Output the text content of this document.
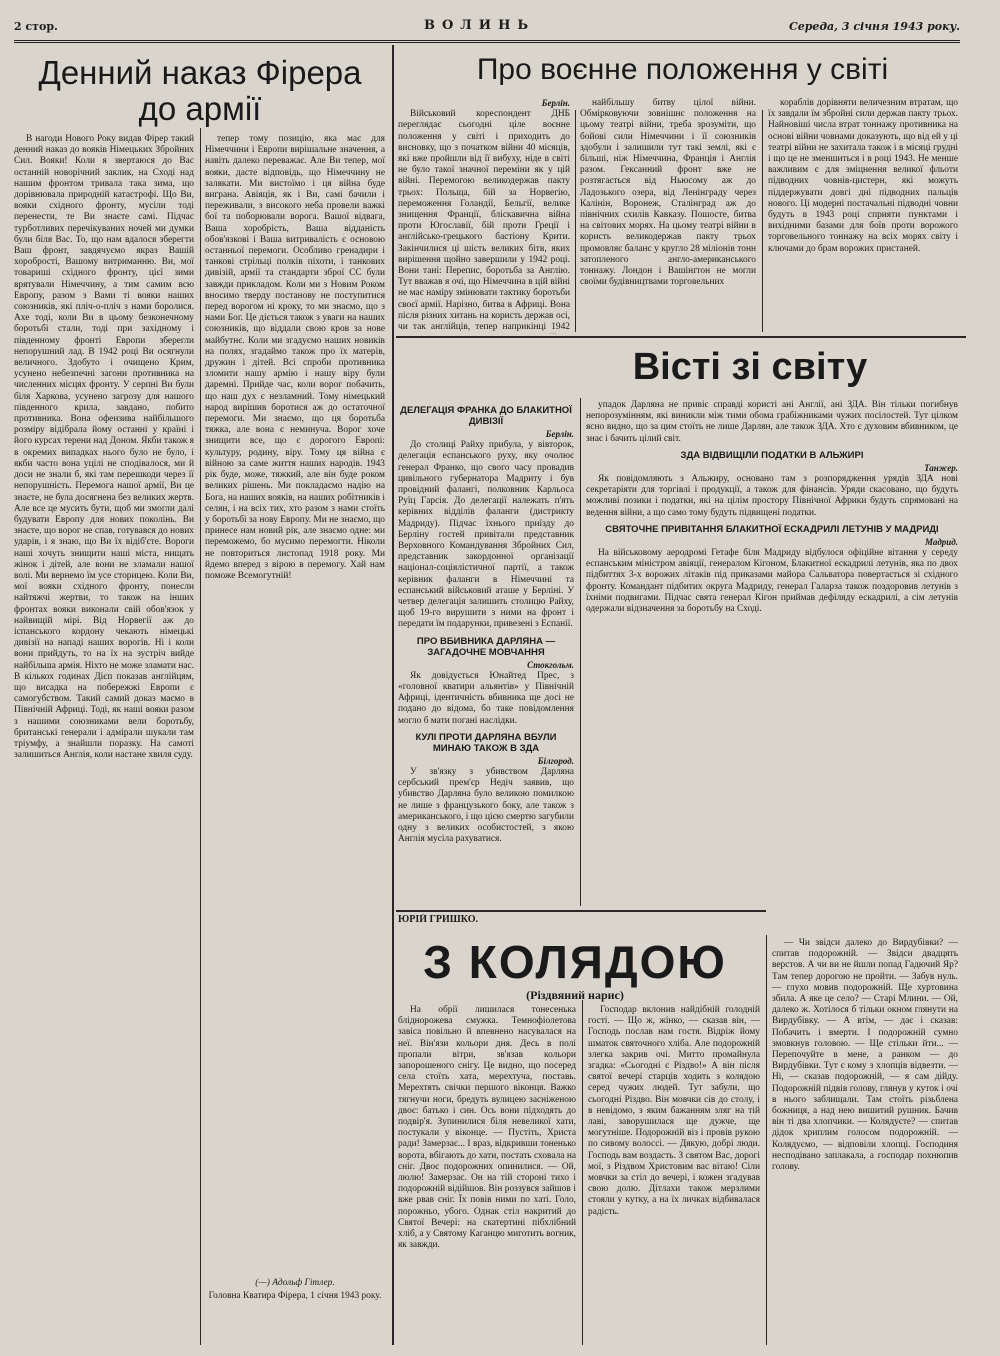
2 стор.	ВОЛИНЬ	Середа, 3 січня 1943 року.
Денний наказ Фірера до армії

В нагоди Нового Року видав Фірер такий денний наказ до вояків Німецьких Збройних Сил. Вояки! Коли я звертаюся до Вас останній новорічний заклик, на Сході над нашим фронтом тривала така зима, що дорівнювала природній катастрофі. Що Ви, вояки східного фронту, мусіли тоді перенести, те Ви знаєте самі. Підчас турботливих перечікуваних ночей ми думки були біля Вас. То, що нам вдалося зберегти Ваш фронт, завдячуємо якраз Вашій хоробрості, Вашому витриманню. Ви, мої товариші східного фронту, цієї зими врятували Німеччину, а тим самим всю Европу, разом з Вами ті вояки наших союзників, які пліч-о-пліч з нами боролися. Ахе тоді, коли Ви в цьому безконечному боротьбі стали, тоді при західному і південному фронті Европи зберегли непорушний лад. В 1942 році Ви осягнули величного. Здобуто і очищено Крим, усунено небезпечні загони противника на численних місцях фронту. У серпні Ви були біля Харкова, усунено загрозу для нашого південного крила, завдано, побито противника. Вона офензива найбільшого розміру відібрала йому останні у країні i його курсах терени над Доном. Якби також я в окремих випадках нього було не було, і якби часто вона уцілі не сподівалося, ми й доси не знали б, які там перешкоди через її непорушність. Перемога нашої армії, Ви це знаєте, не була досягнена без великих жертв. Але все це мусить бути, щоб ми змогли далі будувати Европу для нових поколінь. Ви знаєте, що ворог не спав, готувався до нових ударів, і я знаю, що Ви їх відіб'єте. Вороги наші хочуть знищити наші міста, нищать жінок і дітей, але вони не зламали нашої волі. Ми вернемо їм усе сторицею. Коли Ви, мої вояки східного фронту, понесли найтяжчі жертви, то також на інших фронтах вояки виконали свій обов'язок у найвищій мірі. Від Норвегії аж до іспанського кордону чекають німецькі дивізії на нападі наших ворогів. Ні і коли вони прийдуть, то на їх на зустріч вийде найбільша армія. Ніхто не може зламати нас. В кількох годинах Дієп показав англійцям, що висадка на побережжі Европи є самогубством. Такий самий доказ маємо в Північній Африці. Тоді, як наші вояки разом з нашими союзниками вели боротьбу, британські генерали і адмірали шукали там тріумфу, а знайшли поразку. На самоті залишиться Англія, коли настане хвиля суду.

тепер тому позицію, яка має для Німеччини і Европи вирішальне значення, а навіть далеко переважає. Але Ви тепер, мої вояки, дасте відповідь, що Німеччину не залякати. Ми вистоїмо і ця війна буде виграна. Авіяція, як і Ви, самі бачили і переживали, з високого неба провели важкі бої та поборювали ворога. Вашої відвага, Ваша хоробрість, Ваша відданість обов'язкові і Ваша витривалість є основою останньої перемоги. Особливо гренадири і танкові стрільці полків піхоти, і танкових дивізій, армії та стандарти зброї СС були завжди прикладом. Коли ми з Новим Роком вносимо тверду постанову не поступитися перед ворогом ні кроку, то ми знаємо, що з нами Бог. Це діється також з уваги на наших союзників, що віддали свою кров за нове майбутнє. Коли ми згадуємо наших новиків на полях, згадаймо також про їх матерів, дружин і дітей. Всі спроби противника зломити нашу армію і нашу віру були даремні. Прийде час, коли ворог побачить, що наш дух є незламний. Тому німецький народ вирішив боротися аж до остаточної перемоги. Ми знаємо, що ця боротьба тяжка, але вона є неминуча. Ворог хоче знищити все, що є дорогого Европі: культуру, родину, віру. Тому ця війна є війною за саме життя наших народів. 1943 рік буде, може, тяжкий, але він буде роком великих рішень. Ми покладаємо надію на Бога, на наших вояків, на наших робітників і селян, і на всіх тих, хто разом з нами стоїть у боротьбі за нову Европу. Ми не знаємо, що принесе нам новий рік, але знаємо одне: ми переможемо, бо мусимо перемогти. Ніколи не повториться листопад 1918 року. Ми йдемо вперед з вірою в перемогу. Хай нам поможе Всемогутній!

(—) Адольф Гітлер.
Головна Кватира Фірера, 1 січня 1943 року.
Про воєнне положення у світі
Берлін.

Військовий кореспондент ДНБ переглядає сьогодні ціле воєнне положення у світі і приходить до висновку, що з початком війни 40 місяців, які вже пройшли від її вибуху, ніде в світі не було такої значної переміни як у цій війні. Перемогою великодержав пакту трьох: Польща, бій за Норвегію, переможення Голандії, Бельгії, велике знищення Франції, бліскавична війна проти Югославії, бій проти Греції і англійсько-грецького бастіону Крити. Закінчилися ці шість великих бітв, яких вирішення щойно завершили у 1942 році. Вони тані: Перепис, боротьба за Англію. Тут вважав я очі, що Німеччина в цій війні не має наміру змінювати тактику боротьби своєї армії. Нарізно, битва в Африці. Вона після різних хитань на користь держав осі, чи так англійців, тепер наприкінці 1942

найбільшу битву цілої війни. Обмірковуючи зовнішнє положення на цьому театрі війни, треба зрозуміти, що бойові сили Німеччини і її союзників здобули і залишили тут такі землі, які є більші, ніж Німеччина, Франція і Англія разом. Гексанний фронт вже не розтягається від Ньюcому аж до Ладозького озера, від Ленінграду через Калінін, Воронеж, Сталінград аж до північних схилів Кавказу. Пошосте, битва на світових морях. На цьому театрі війни в користь великодержав пакту трьох промовляє баланс у кругло 28 міліонів тонн затопленого англо-американського тоннажу. Лондон і Вашінґтон не могли своїми будівництвами торговельних

кораблів дорівняти величезним втратам, що їх завдали їм збройні сили держав пакту трьох. Найновіші числа втрат тоннажу противника на основі війни човнами доказують, що від ей у ці театрі війни не захитала також і в місяці грудні і що це не зменшиться і в році 1943. Не менше важливим є для зміцнення великої фльоти підводних човнів-цистерн, які можуть піддержувати довгі дні підводних пальців нового. Ці модерні постачальні підводні човни будуть в 1943 році сприяти пунктами і вихідними базами для боїв проти ворожого торговельного тоннажу на всіх морях світу і ключами до брам ворожих пристаней.

Вісті зі світу
ДЕЛЕГАЦІЯ ФРАНКА ДО БЛАКИТНОЇ ДИВІЗІЇ
Берлін.

До столиці Райху прибула, у вівторок, делегація еспанського руху, яку очолює генерал Франко, що свого часу провадив цивільного губернатора Мадриту і був провідний фалангі, полковник Карльоса Руїц Гарсія. До делегації належать п'ять керівних відділів фаланги (дистрикту Мадриду). Підчас їхнього приїзду до Берліну гостей привітали представник Верховного Командування Збройних Сил, представник закордонної організації націонал-соціялістичної партії, а також керівник фаланги в Німеччині та еспанський військовий аташе у Берліні. У четвер делегація залишить столицю Райху, щоб 19-го вирушити з ними на фронт і передати їм подарунки, привезені з Еспанії.

ПРО ВБИВНИКА ДАРЛЯНА — ЗАГАДОЧНЕ МОВЧАННЯ
Стокгольм.

Як довідується Юнайтед Прес, з «головної кватири альянтів» у Північній Африці, ідентичність вбивника ще досі не подано до відома, бо таке повідомлення могло б мати погані наслідки.

КУЛІ ПРОТИ ДАРЛЯНА ВБУЛИ МИНАЮ ТАКОЖ В ЗДА
Білгород.

У зв'язку з убивством Дарляна сербський прем'єр Недіч заявив, що убивство Дарляна було великою помилкою не лише з французького боку, але також з американського, і що цією смертю загубили одну з великих особистостей, з якою Англія мусіла рахуватися.

упадок Дарляна не привіє справді користі ані Англії, ані ЗДА. Він тільки погибнув непорозумінням, які виникли між тими обома грабіжниками чужих посілостей. Тут цілком ясно видно, що за цим стоїть не лише Дарлян, але також ЗДА. Хто є духовим вбивником, це знає і бачить цілий світ.

ЗДА ВІДВИЩІЛИ ПОДАТКИ В АЛЬЖИРІ
Танжер.

Як повідомляють з Альжиру, основано там з розпорядження урядів ЗДА нові секретаріяти для торгівлі і продукції, а також для фінансів. Уряди скасовано, що будуть можливі позики і податки, які на цілім простору Північної Африки будуть спрямовані на ведення війни, а що само тому будуть підвищені податки.

СВЯТОЧНЕ ПРИВІТАННЯ БЛАКИТНОЇ ЕСКАДРИЛІ ЛЕТУНІВ У МАДРИДІ
Мадрид.

На військовому аеродромі Гетафе біля Мадриду відбулося офіційне вітання у середу еспанським міністром авіяції, генералом Кігоном, Блакитної ескадрилі летунів, яка по двох підбиттях 3-х ворожих літаків під приказами майора Сальватора повертається зі східного фронту. Командант підбитих округа Мадриду, генерал Галарза також поздоровив летунів з їхніми подвигами. Підчас свята генерал Кігон приймав дефіляду ескадрилі, а сім летунів одержали відзначення за боротьбу на Сході.

ЮРІЙ ГРИШКО.
З КОЛЯДОЮ
(Різдвяний нарис)

На обрії лишилася тонесенька бліднорожева смужка. Темнофіолетова завіса повільно й впевнено насувалася на неї. Він'язи кольори дня. Десь в полі пропали вітри, зв'язав кольори запорошеного снігу. Це видно, що посеред села стоїть хата, мерехтуча, поставь. Мерехтять свічки першого віконця. Важко тягнучи ноги, бредуть вулицею засніженою двоє: батько і син. Ось вони підходять до подвір'я. Зупинилися біля невеликої хати, постукали у віконце. — Пустіть, Христа ради! Замерзає... І враз, відкривши тоненько ворота, вбігають до хати, постать сховала на сніг. Двоє подорожних опинилися. — Ой, люлю! Замерзає. Он на тій стороні тихо і подорожній відійшов. Він роззувся зайшов і вже рвав сніг. Їх повів ними по хаті. Голо, порожньо, убого. Однак стіл накритий до Святої Вечері: на скатертині пібхлібний хліб, а у Святому Каганцю миготить вогник, як завжди.

Господар вклонив найдібній голодній гості. — Що ж, жінко, — сказав він, — Господь послав нам гостя. Відріж йому шматок святочного хліба. Але подорожній злегка закрив очі. Митто промайнула згадка: «Сьогодні є Різдво!» А він після святої вечері старців ходить з колядою серед чужих людей. Тут забули, що сьогодні Різдво. Він мовчки сів до столу, і в невідомо, з яким бажанням зляг на тій лаві, заворушилася ще дужче, ще могутніше. Подорожній віз і провів рукою по сивому волоссі. — Дякую, добрі люди. Господь вам воздасть. З святом Вас, дорогі мої, з Різдвом Христовим вас вітаю! Сіли мовчки за стіл до вечері, і кожен згадував свою долю. Дітлахи також мерзлими стояли у кутку, а на їх личках відбивалася радість.

— Чи звідси далеко до Вирдубівки? — спитав подорожній. — Звідси двадцять верстов. А чи ви не йшли попад Гадючий Яр? Там тепер дорогою не пройти. — Забув нуль. — глухо мовив подорожній. Ще хуртовина збила. А яке це село? — Старі Млини. — Ой, далеко ж. Хотілося б тільки окном глянути на Вирдубівку. — А втім, — дає і сказав: Побачить і вмерти. І подорожній сумно змовкнув головою. — Ще стільки йти... — Перепочуйте в мене, а ранком — до Вирдубівки. Тут є кому з хлопців відвезти. — Ні, — сказав подорожній, — я сам дійду. Подорожній підвів голову, глянув у куток і очі в нього заблищали. Там стоїть різьблена божниця, а над нею вишитий рушник. Бачив він ті два хлопчики. — Колядуєте? — спитав дідок хриплим голосом подорожній. — Колядуємо, — відповіли хлопці. Господиня несподівано заплакала, а господар похнюпив голову.
